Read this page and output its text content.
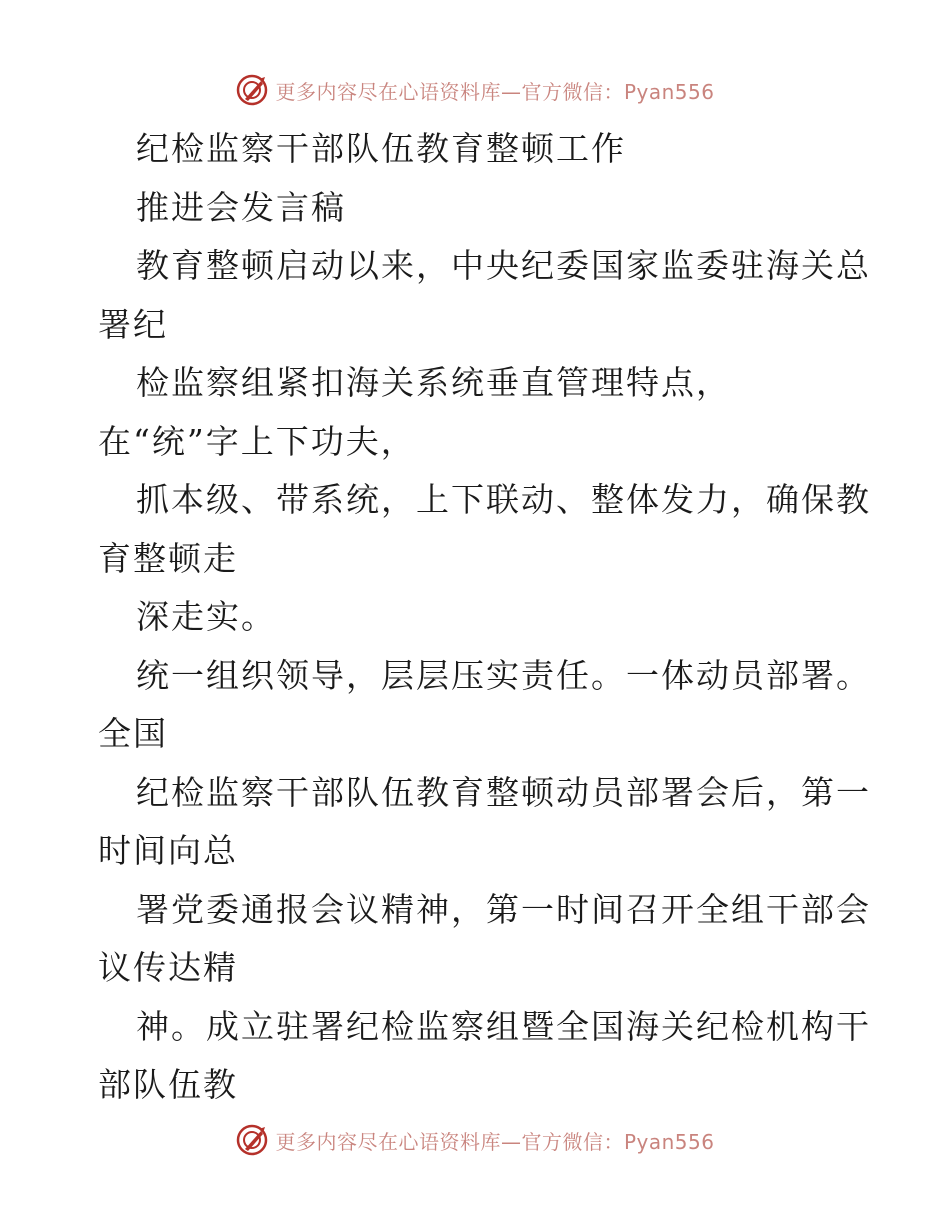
更多内容尽在心语资料库—官方微信：Pyan556
纪检监察干部队伍教育整顿工作
推进会发言稿
教育整顿启动以来，中央纪委国家监委驻海关总
署纪
检监察组紧扣海关系统垂直管理特点，
在“统”字上下功夫，
抓本级、带系统，上下联动、整体发力，确保教
育整顿走
深走实。
统一组织领导，层层压实责任。一体动员部署。
全国
纪检监察干部队伍教育整顿动员部署会后，第一
时间向总
署党委通报会议精神，第一时间召开全组干部会
议传达精
神。成立驻署纪检监察组暨全国海关纪检机构干
部队伍教
更多内容尽在心语资料库—官方微信：Pyan556
